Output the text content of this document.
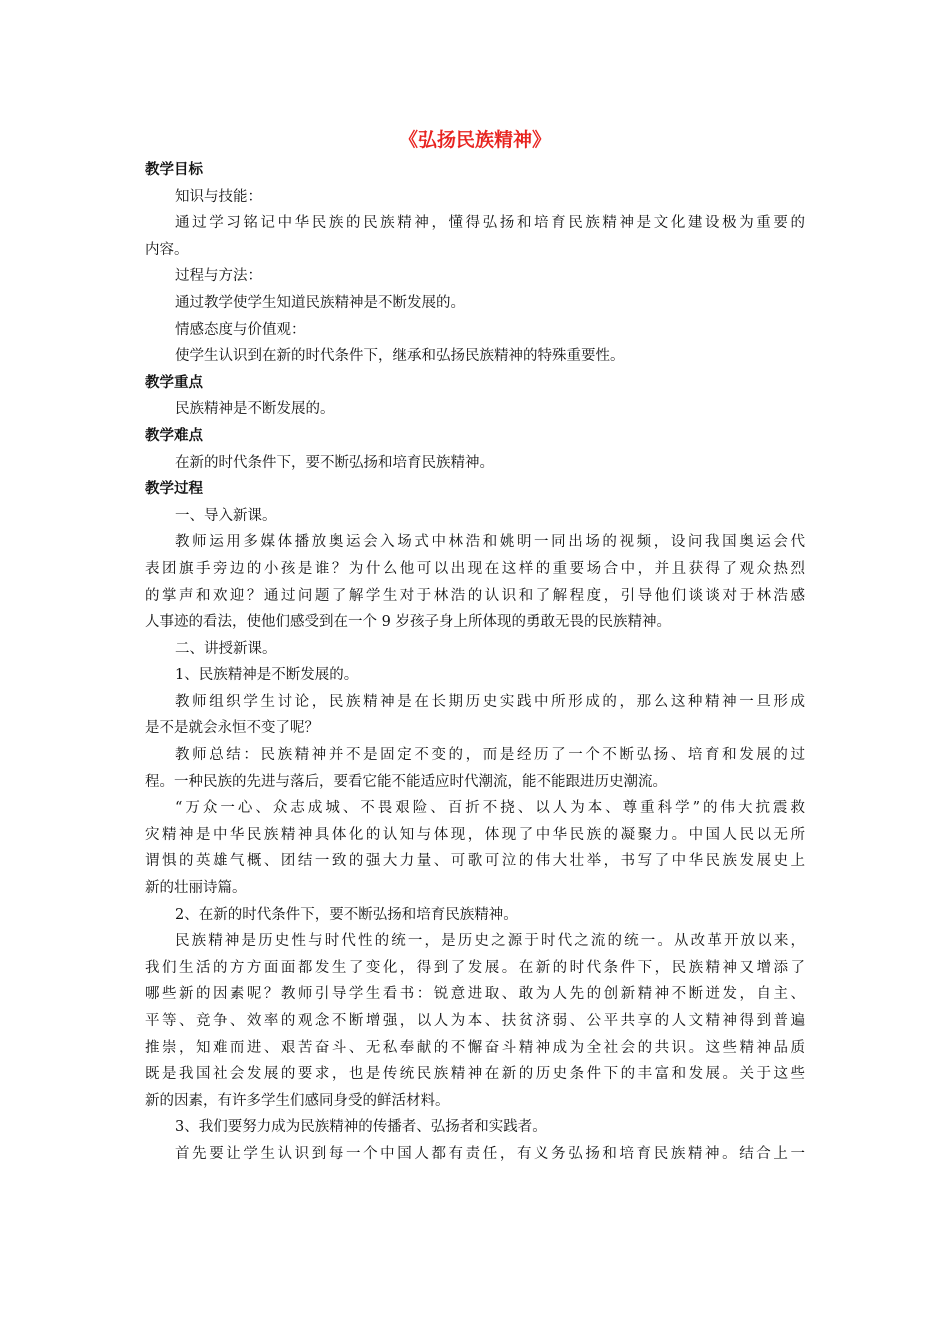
《弘扬民族精神》
教学目标
知识与技能：
通过学习铭记中华民族的民族精神，懂得弘扬和培育民族精神是文化建设极为重要的
内容。
过程与方法：
通过教学使学生知道民族精神是不断发展的。
情感态度与价值观：
使学生认识到在新的时代条件下，继承和弘扬民族精神的特殊重要性。
教学重点
民族精神是不断发展的。
教学难点
在新的时代条件下，要不断弘扬和培育民族精神。
教学过程
一、导入新课。
教师运用多媒体播放奥运会入场式中林浩和姚明一同出场的视频，设问我国奥运会代
表团旗手旁边的小孩是谁？为什么他可以出现在这样的重要场合中，并且获得了观众热烈
的掌声和欢迎？通过问题了解学生对于林浩的认识和了解程度，引导他们谈谈对于林浩感
人事迹的看法，使他们感受到在一个 9 岁孩子身上所体现的勇敢无畏的民族精神。
二、讲授新课。
1、民族精神是不断发展的。
教师组织学生讨论，民族精神是在长期历史实践中所形成的，那么这种精神一旦形成
是不是就会永恒不变了呢？
教师总结：民族精神并不是固定不变的，而是经历了一个不断弘扬、培育和发展的过
程。一种民族的先进与落后，要看它能不能适应时代潮流，能不能跟进历史潮流。
“万众一心、众志成城、不畏艰险、百折不挠、以人为本、尊重科学”的伟大抗震救
灾精神是中华民族精神具体化的认知与体现，体现了中华民族的凝聚力。中国人民以无所
谓惧的英雄气概、团结一致的强大力量、可歌可泣的伟大壮举，书写了中华民族发展史上
新的壮丽诗篇。
2、在新的时代条件下，要不断弘扬和培育民族精神。
民族精神是历史性与时代性的统一，是历史之源于时代之流的统一。从改革开放以来，
我们生活的方方面面都发生了变化，得到了发展。在新的时代条件下，民族精神又增添了
哪些新的因素呢？教师引导学生看书：锐意进取、敢为人先的创新精神不断迸发，自主、
平等、竞争、效率的观念不断增强，以人为本、扶贫济弱、公平共享的人文精神得到普遍
推崇，知难而进、艰苦奋斗、无私奉献的不懈奋斗精神成为全社会的共识。这些精神品质
既是我国社会发展的要求，也是传统民族精神在新的历史条件下的丰富和发展。关于这些
新的因素，有许多学生们感同身受的鲜活材料。
3、我们要努力成为民族精神的传播者、弘扬者和实践者。
首先要让学生认识到每一个中国人都有责任，有义务弘扬和培育民族精神。结合上一
